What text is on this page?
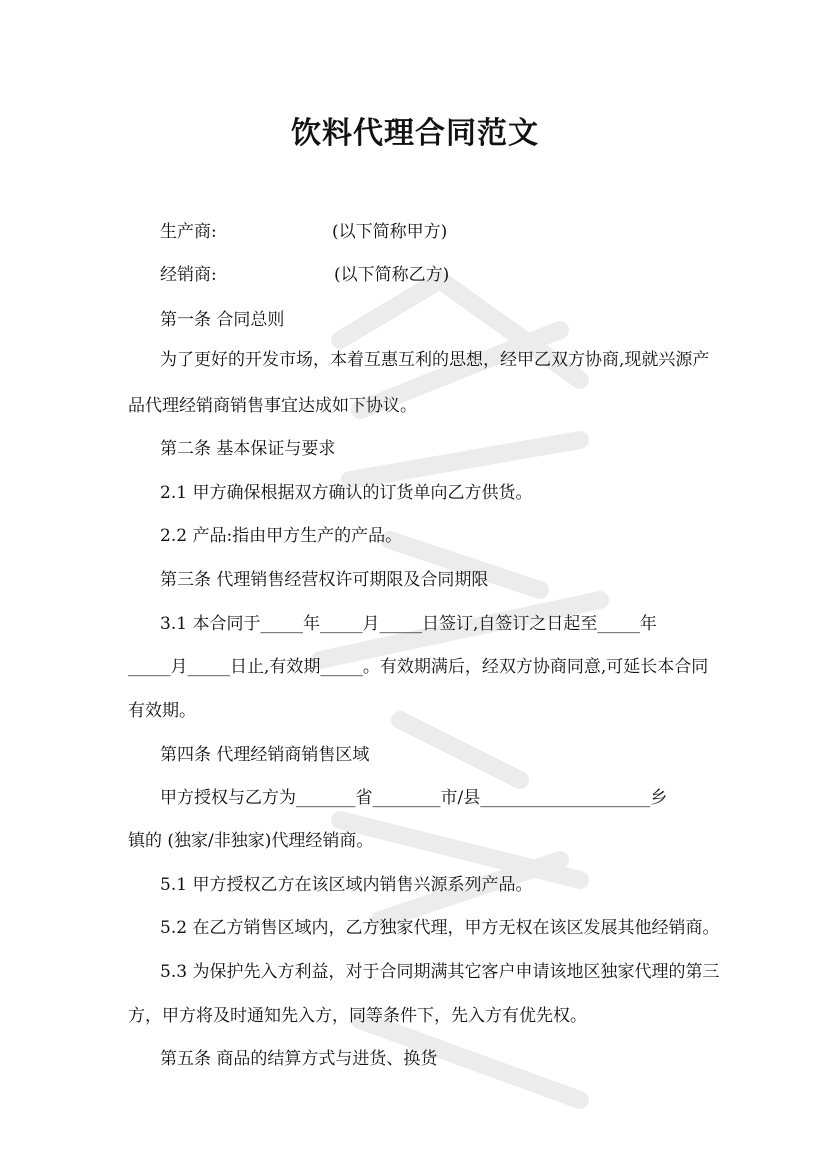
饮料代理合同范文

生产商:	(以下简称甲方)

经销商:	(以下简称乙方)

第一条 合同总则

为了更好的开发市场，本着互惠互利的思想，经甲乙双方协商,现就兴源产

品代理经销商销售事宜达成如下协议。

第二条 基本保证与要求

2.1 甲方确保根据双方确认的订货单向乙方供货。

2.2 产品:指由甲方生产的产品。

第三条 代理销售经营权许可期限及合同期限

3.1 本合同于_____年_____月_____日签订,自签订之日起至_____年

_____月_____日止,有效期_____。有效期满后，经双方协商同意,可延长本合同

有效期。

第四条 代理经销商销售区域

甲方授权与乙方为_______省________市/县____________________乡

镇的 (独家/非独家)代理经销商。

5.1 甲方授权乙方在该区域内销售兴源系列产品。

5.2 在乙方销售区域内，乙方独家代理，甲方无权在该区发展其他经销商。

5.3 为保护先入方利益，对于合同期满其它客户申请该地区独家代理的第三

方，甲方将及时通知先入方，同等条件下，先入方有优先权。

第五条 商品的结算方式与进货、换货
